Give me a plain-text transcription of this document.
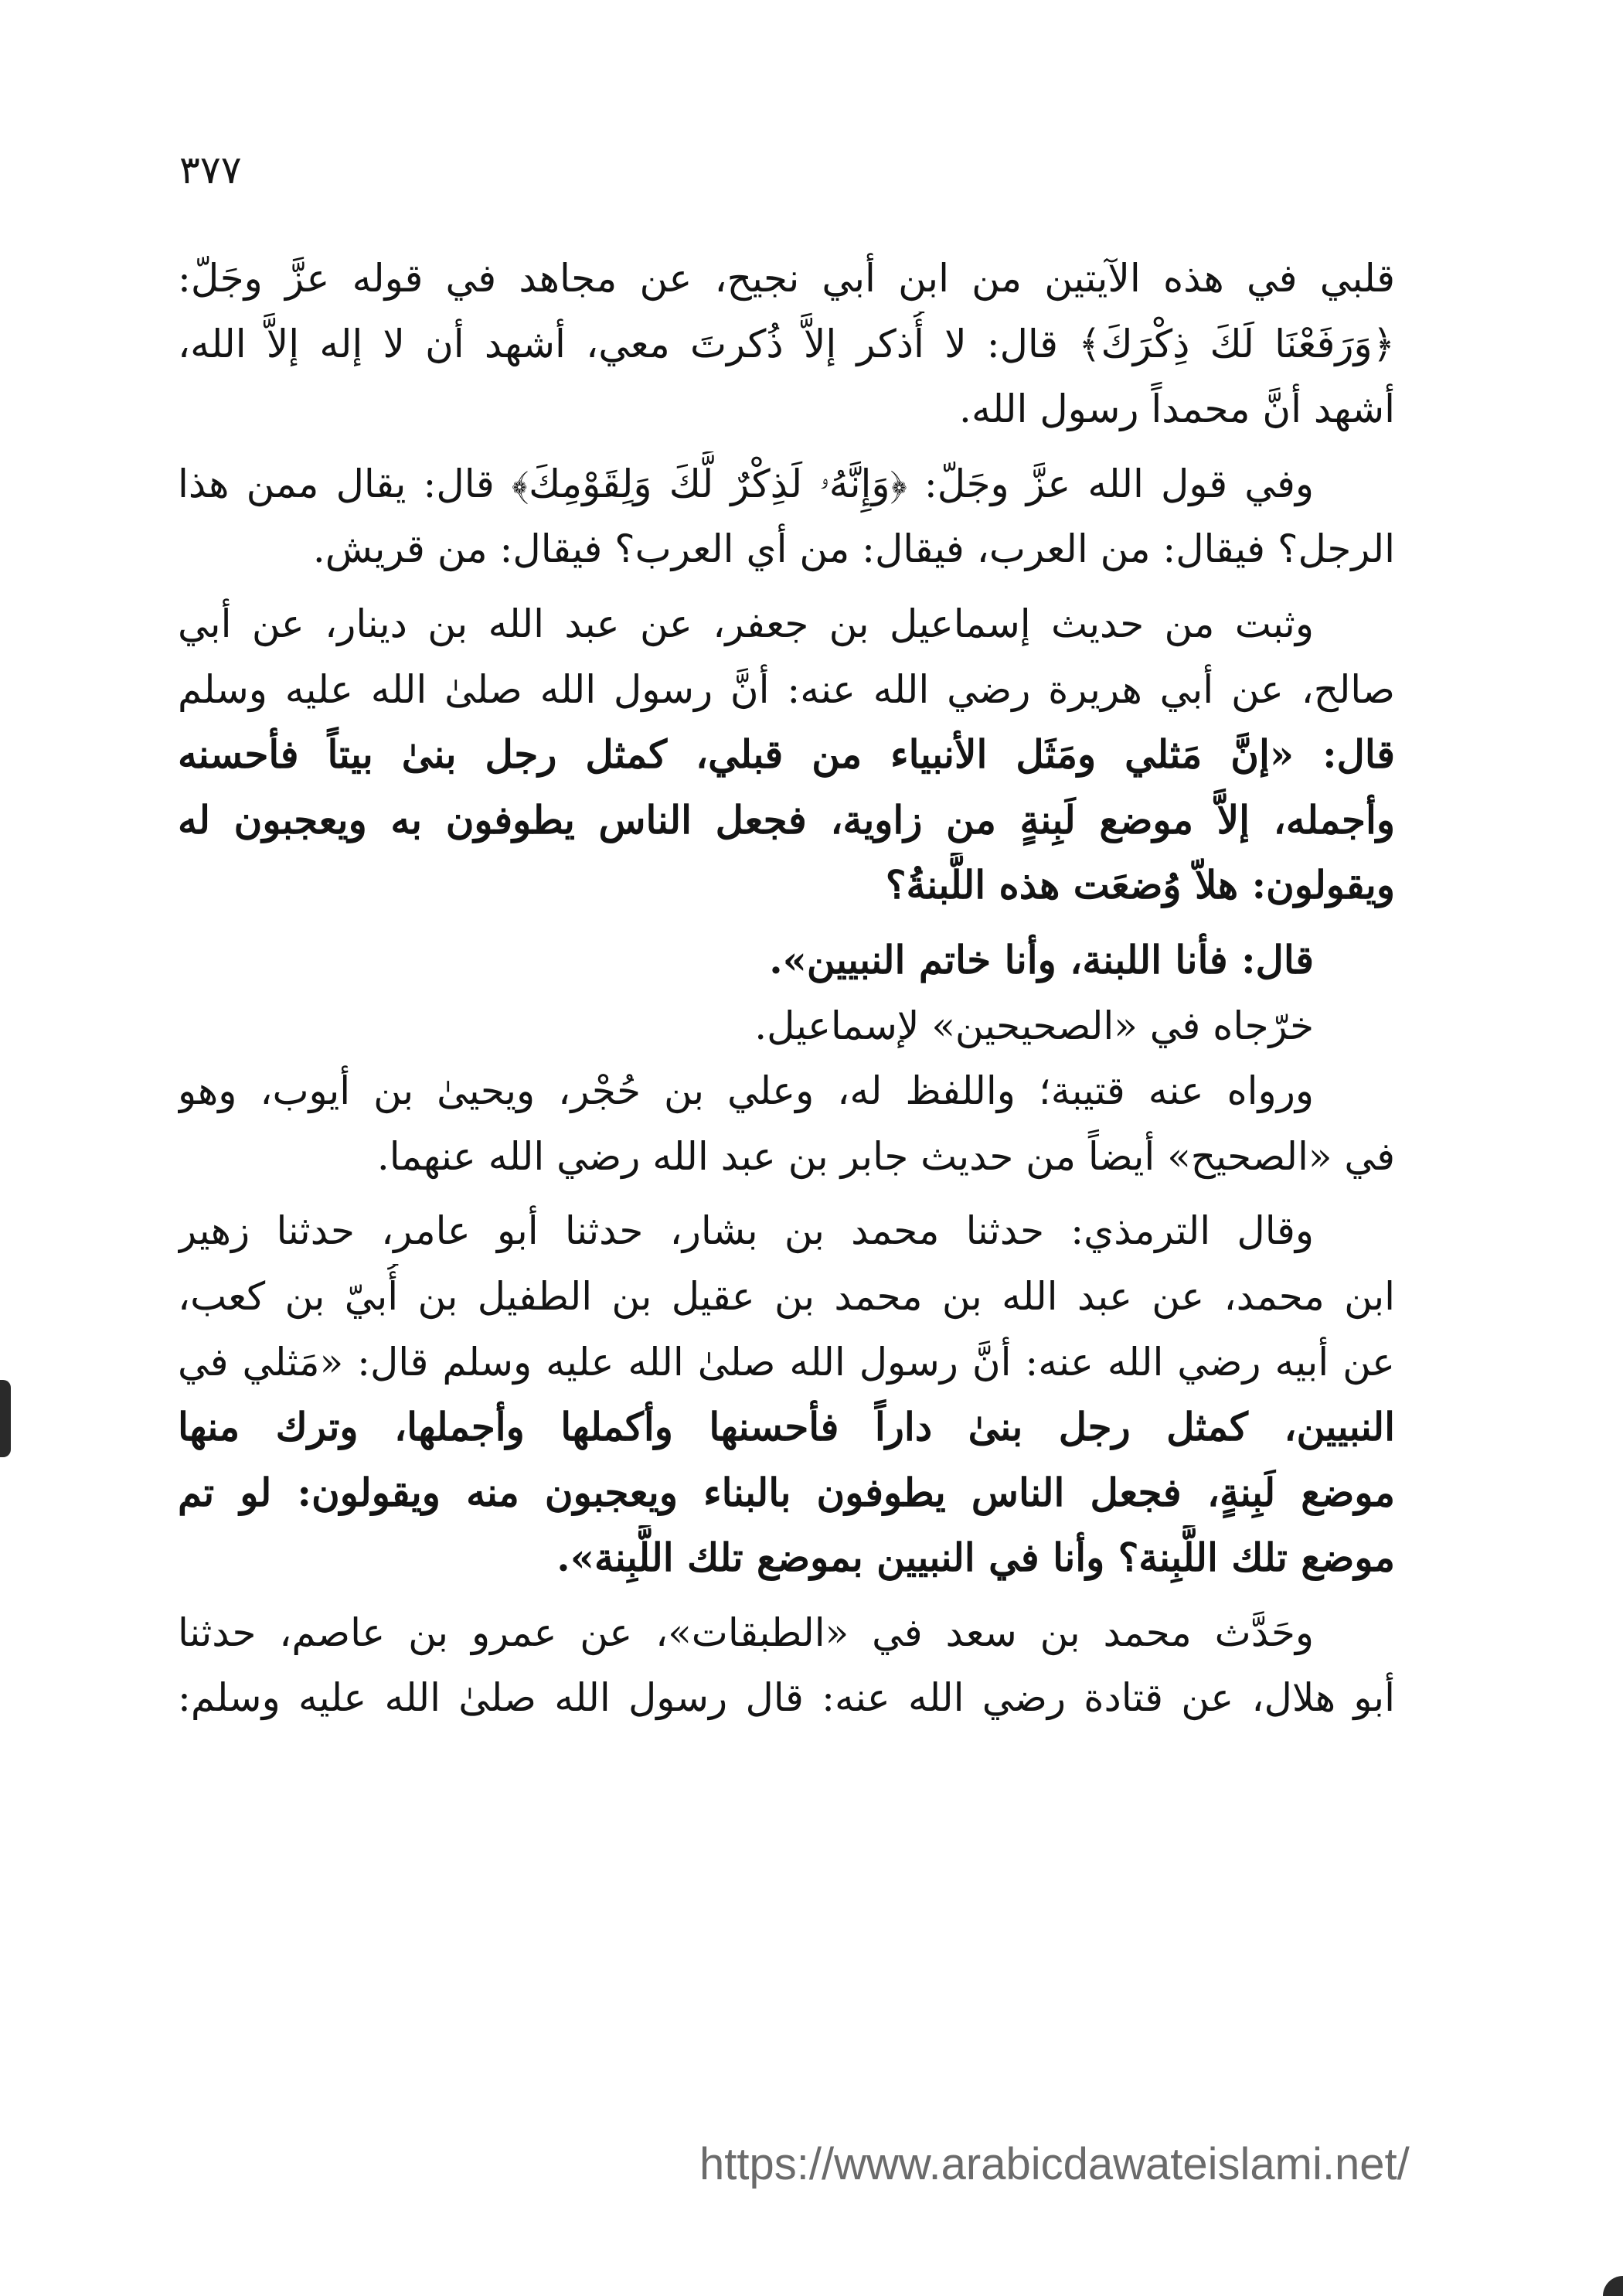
٣٧٧
قلبي في هذه الآيتين من ابن أبي نجيح، عن مجاهد في قوله عزَّ وجَلّ:
﴿وَرَفَعْنَا لَكَ ذِكْرَكَ﴾ قال: لا أُذكر إلاَّ ذُكرتَ معي، أشهد أن لا إله إلاَّ الله،
أشهد أنَّ محمداً رسول الله.
وفي قول الله عزَّ وجَلّ: ﴿وَإِنَّهُۥ لَذِكْرٌ لَّكَ وَلِقَوْمِكَ﴾ قال: يقال ممن هذا
الرجل؟ فيقال: من العرب، فيقال: من أي العرب؟ فيقال: من قريش.
وثبت من حديث إسماعيل بن جعفر، عن عبد الله بن دينار، عن أبي
صالح، عن أبي هريرة رضي الله عنه: أنَّ رسول الله صلىٰ الله عليه وسلم
قال: «إنَّ مَثلي ومَثَل الأنبياء من قبلي، كمثل رجل بنىٰ بيتاً فأحسنه
وأجمله، إلاَّ موضع لَبِنةٍ من زاوية، فجعل الناس يطوفون به ويعجبون له
ويقولون: هلاّ وُضعَت هذه اللَّبنةُ؟
قال: فأنا اللبنة، وأنا خاتم النبيين».
خرّجاه في «الصحيحين» لإسماعيل.
ورواه عنه قتيبة؛ واللفظ له، وعلي بن حُجْر، ويحيىٰ بن أيوب، وهو
في «الصحيح» أيضاً من حديث جابر بن عبد الله رضي الله عنهما.
وقال الترمذي: حدثنا محمد بن بشار، حدثنا أبو عامر، حدثنا زهير
ابن محمد، عن عبد الله بن محمد بن عقيل بن الطفيل بن أُبيّ بن كعب،
عن أبيه رضي الله عنه: أنَّ رسول الله صلىٰ الله عليه وسلم قال: «مَثلي في
النبيين، كمثل رجل بنىٰ داراً فأحسنها وأكملها وأجملها، وترك منها
موضع لَبِنةٍ، فجعل الناس يطوفون بالبناء ويعجبون منه ويقولون: لو تم
موضع تلك اللَّبِنة؟ وأنا في النبيين بموضع تلك اللَّبِنة».
وحَدَّث محمد بن سعد في «الطبقات»، عن عمرو بن عاصم، حدثنا
أبو هلال، عن قتادة رضي الله عنه: قال رسول الله صلىٰ الله عليه وسلم:
https://www.arabicdawateislami.net/
